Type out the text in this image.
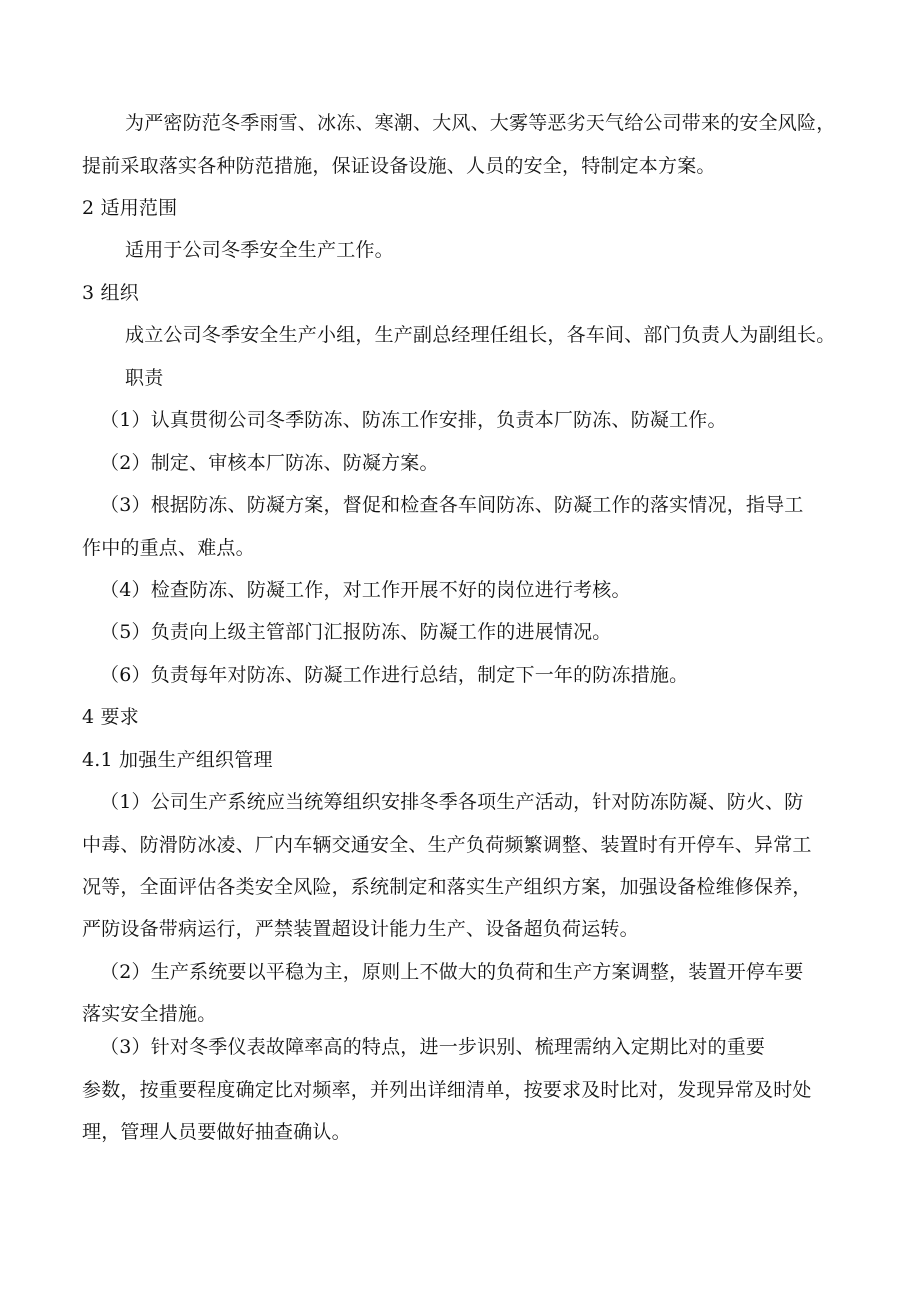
为严密防范冬季雨雪、冰冻、寒潮、大风、大雾等恶劣天气给公司带来的安全风险，
提前采取落实各种防范措施，保证设备设施、人员的安全，特制定本方案。
2 适用范围
适用于公司冬季安全生产工作。
3 组织
成立公司冬季安全生产小组，生产副总经理任组长，各车间、部门负责人为副组长。
职责
（1）认真贯彻公司冬季防冻、防冻工作安排，负责本厂防冻、防凝工作。
（2）制定、审核本厂防冻、防凝方案。
（3）根据防冻、防凝方案，督促和检查各车间防冻、防凝工作的落实情况，指导工
作中的重点、难点。
（4）检查防冻、防凝工作，对工作开展不好的岗位进行考核。
（5）负责向上级主管部门汇报防冻、防凝工作的进展情况。
（6）负责每年对防冻、防凝工作进行总结，制定下一年的防冻措施。
4 要求
4.1 加强生产组织管理
（1）公司生产系统应当统筹组织安排冬季各项生产活动，针对防冻防凝、防火、防
中毒、防滑防冰凌、厂内车辆交通安全、生产负荷频繁调整、装置时有开停车、异常工
况等，全面评估各类安全风险，系统制定和落实生产组织方案，加强设备检维修保养，
严防设备带病运行，严禁装置超设计能力生产、设备超负荷运转。
（2）生产系统要以平稳为主，原则上不做大的负荷和生产方案调整，装置开停车要
落实安全措施。
（3）针对冬季仪表故障率高的特点，进一步识别、梳理需纳入定期比对的重要
参数，按重要程度确定比对频率，并列出详细清单，按要求及时比对，发现异常及时处
理，管理人员要做好抽查确认。
